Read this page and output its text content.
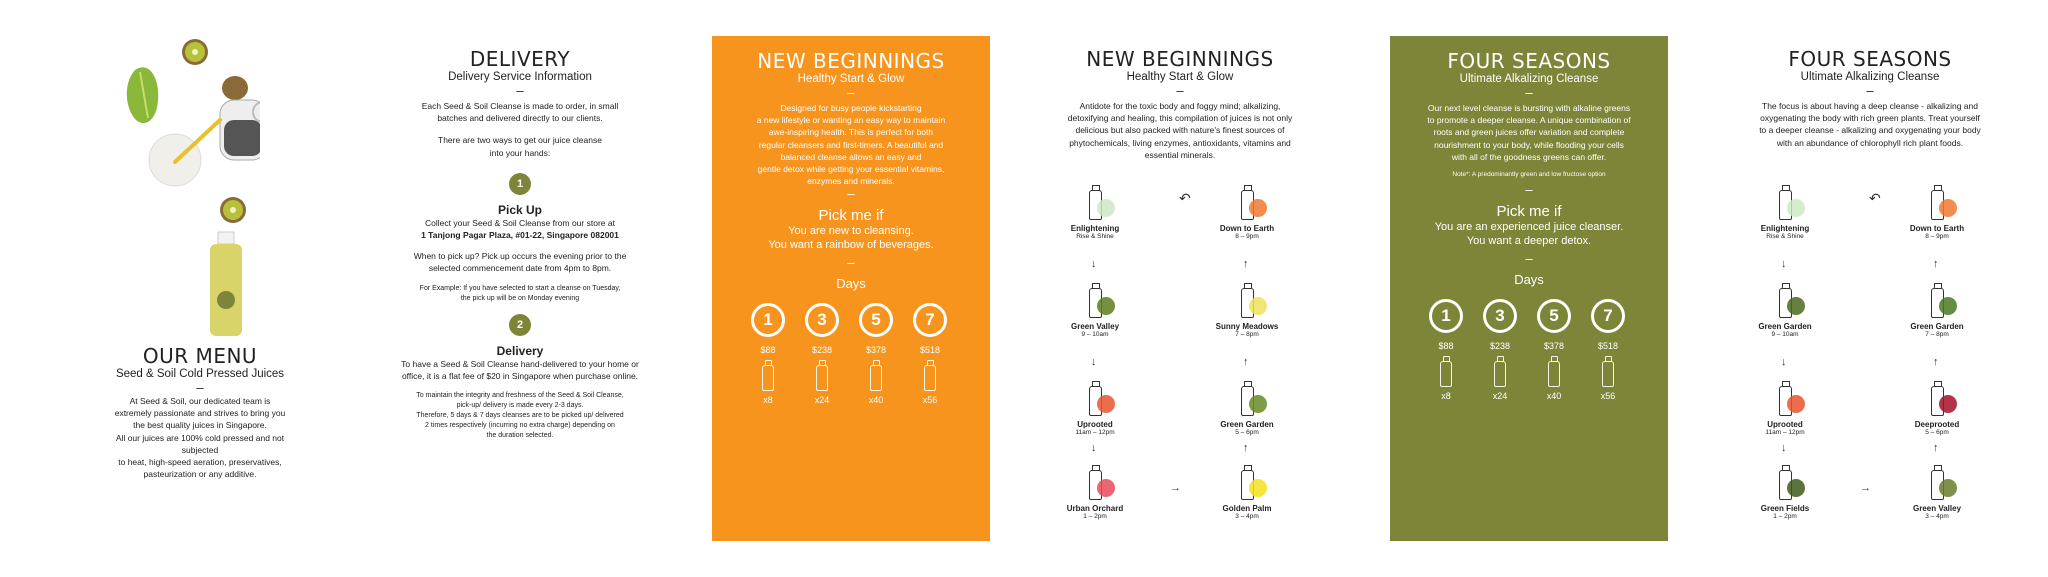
OUR MENU
Seed & Soil Cold Pressed Juices
–
At Seed & Soil, our dedicated team is
extremely passionate and strives to bring you
the best quality juices in Singapore.
All our juices are 100% cold pressed and not subjected
to heat, high-speed aeration, preservatives,
pasteurization or any additive.
DELIVERY
Delivery Service Information
–
Each Seed & Soil Cleanse is made to order, in small
batches and delivered directly to our clients.
There are two ways to get our juice cleanse
into your hands:
1
Pick Up
Collect your Seed & Soil Cleanse from our store at
1 Tanjong Pagar Plaza, #01-22, Singapore 082001
When to pick up? Pick up occurs the evening prior to the
selected commencement date from 4pm to 8pm.
For Example: If you have selected to start a cleanse on Tuesday,
the pick up will be on Monday evening
2
Delivery
To have a Seed & Soil Cleanse hand-delivered to your home or
office, it is a flat fee of $20 in Singapore when purchase online.
To maintain the integrity and freshness of the Seed & Soil Cleanse,
pick-up/ delivery is made every 2-3 days.
Therefore, 5 days & 7 days cleanses are to be picked up/ delivered
2 times respectively (incurring no extra charge) depending on
the duration selected.
NEW BEGINNINGS
Healthy Start & Glow
–
Designed for busy people kickstarting
a new lifestyle or wanting an easy way to maintain
awe-inspiring health. This is perfect for both
regular cleansers and first-timers. A beautiful and
balanced cleanse allows an easy and
gentle detox while getting your essential vitamins,
enzymes and minerals.
–
Pick me if
You are new to cleansing.
You want a rainbow of beverages.
–
Days
1
$88
x8
3
$238
x24
5
$378
x40
7
$518
x56
NEW BEGINNINGS
Healthy Start & Glow
–
Antidote for the toxic body and foggy mind; alkalizing,
detoxifying and healing, this compilation of juices is not only
delicious but also packed with nature's finest sources of
phytochemicals, living enzymes, antioxidants, vitamins and
essential minerals.
Enlightening
Rise & Shine
Green Valley
9 – 10am
Uprooted
11am – 12pm
Urban Orchard
1 – 2pm
Golden Palm
3 – 4pm
Green Garden
5 – 6pm
Sunny Meadows
7 – 8pm
Down to Earth
8 – 9pm
↓
↓
↓
→
↑
↑
↑
↶
FOUR SEASONS
Ultimate Alkalizing Cleanse
–
Our next level cleanse is bursting with alkaline greens
to promote a deeper cleanse. A unique combination of
roots and green juices offer variation and complete
nourishment to your body, while flooding your cells
with all of the goodness greens can offer.
Note*: A predominantly green and low fructose option
–
Pick me if
You are an experienced juice cleanser.
You want a deeper detox.
–
Days
1
$88
x8
3
$238
x24
5
$378
x40
7
$518
x56
FOUR SEASONS
Ultimate Alkalizing Cleanse
–
The focus is about having a deep cleanse - alkalizing and
oxygenating the body with rich green plants. Treat yourself
to a deeper cleanse - alkalizing and oxygenating your body
with an abundance of chlorophyll rich plant foods.
Enlightening
Rise & Shine
Green Garden
9 – 10am
Uprooted
11am – 12pm
Green Fields
1 – 2pm
Green Valley
3 – 4pm
Deeprooted
5 – 6pm
Green Garden
7 – 8pm
Down to Earth
8 – 9pm
↓
↓
↓
→
↑
↑
↑
↶
